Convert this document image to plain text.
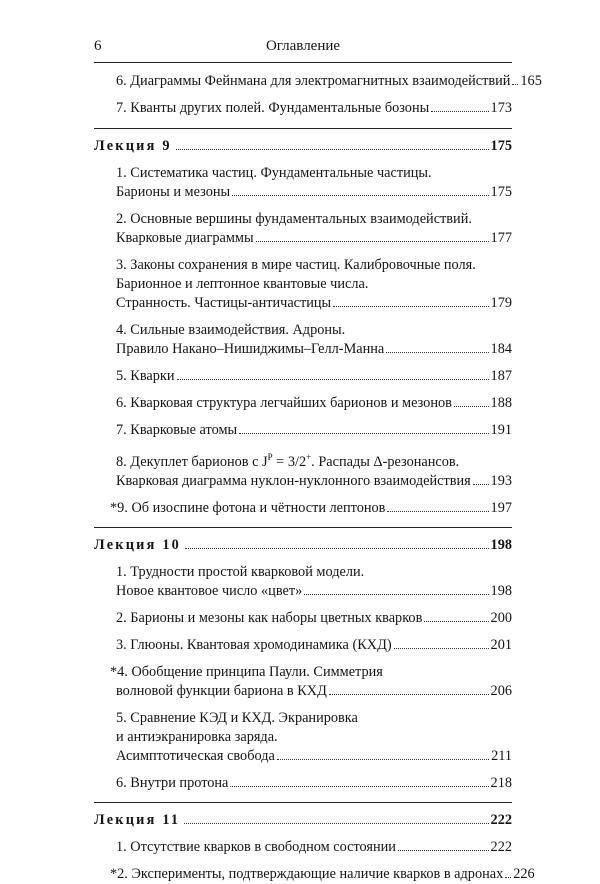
6	Оглавление
6. Диаграммы Фейнмана для электромагнитных взаимодействий 165
7. Кванты других полей. Фундаментальные бозоны	173
Лекция 9	175
1. Систематика частиц. Фундаментальные частицы.
Барионы и мезоны	175
2. Основные вершины фундаментальных взаимодействий.
Кварковые диаграммы	177
3. Законы сохранения в мире частиц. Калибровочные поля.
Барионное и лептонное квантовые числа.
Странность. Частицы-античастицы	179
4. Сильные взаимодействия. Адроны.
Правило Накано–Нишиджимы–Гелл-Манна	184
5. Кварки	187
6. Кварковая структура легчайших барионов и мезонов	188
7. Кварковые атомы	191
8. Декуплет барионов с $J^P = 3/2^+$. Распады Δ-резонансов.
Кварковая диаграмма нуклон-нуклонного взаимодействия 193
*9. Об изоспине фотона и чётности лептонов	197
Лекция 10	198
1. Трудности простой кварковой модели.
Новое квантовое число «цвет»	198
2. Барионы и мезоны как наборы цветных кварков	200
3. Глюоны. Квантовая хромодинамика (КХД)	201
*4. Обобщение принципа Паули. Симметрия
волновой функции бариона в КХД	206
5. Сравнение КЭД и КХД. Экранировка
и антиэкранировка заряда.
Асимптотическая свобода	211
6. Внутри протона	218
Лекция 11	222
1. Отсутствие кварков в свободном состоянии	222
*2. Эксперименты, подтверждающие наличие кварков в адронах 226
